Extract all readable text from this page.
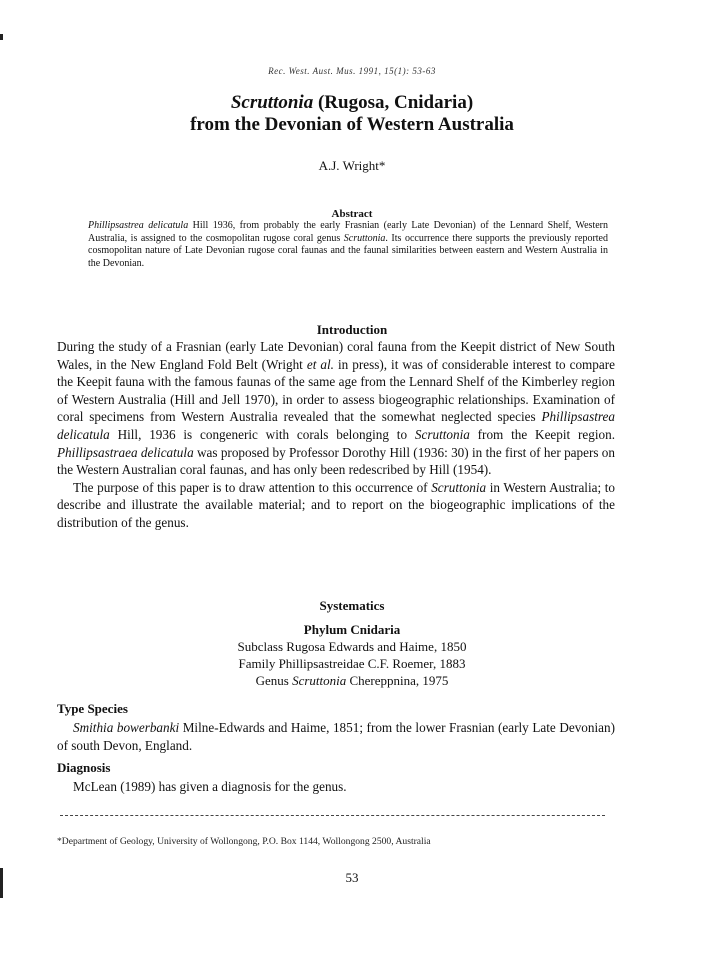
Rec. West. Aust. Mus. 1991, 15(1): 53-63
Scruttonia (Rugosa, Cnidaria)
from the Devonian of Western Australia
A.J. Wright*
Abstract
Phillipsastrea delicatula Hill 1936, from probably the early Frasnian (early Late Devonian) of the Lennard Shelf, Western Australia, is assigned to the cosmopolitan rugose coral genus Scruttonia. Its occurrence there supports the previously reported cosmopolitan nature of Late Devonian rugose coral faunas and the faunal similarities between eastern and Western Australia in the Devonian.
Introduction

During the study of a Frasnian (early Late Devonian) coral fauna from the Keepit district of New South Wales, in the New England Fold Belt (Wright et al. in press), it was of considerable interest to compare the Keepit fauna with the famous faunas of the same age from the Lennard Shelf of the Kimberley region of Western Australia (Hill and Jell 1970), in order to assess biogeographic relationships. Examination of coral specimens from Western Australia revealed that the somewhat neglected species Phillipsastrea delicatula Hill, 1936 is congeneric with corals belonging to Scruttonia from the Keepit region. Phillipsastraea delicatula was proposed by Professor Dorothy Hill (1936: 30) in the first of her papers on the Western Australian coral faunas, and has only been redescribed by Hill (1954).

The purpose of this paper is to draw attention to this occurrence of Scruttonia in Western Australia; to describe and illustrate the available material; and to report on the biogeographic implications of the distribution of the genus.

Systematics
Phylum Cnidaria
Subclass Rugosa Edwards and Haime, 1850
Family Phillipsastreidae C.F. Roemer, 1883
Genus Scruttonia Chereppnina, 1975
Type Species
Smithia bowerbanki Milne-Edwards and Haime, 1851; from the lower Frasnian (early Late Devonian) of south Devon, England.
Diagnosis
McLean (1989) has given a diagnosis for the genus.
*Department of Geology, University of Wollongong, P.O. Box 1144, Wollongong 2500, Australia
53
